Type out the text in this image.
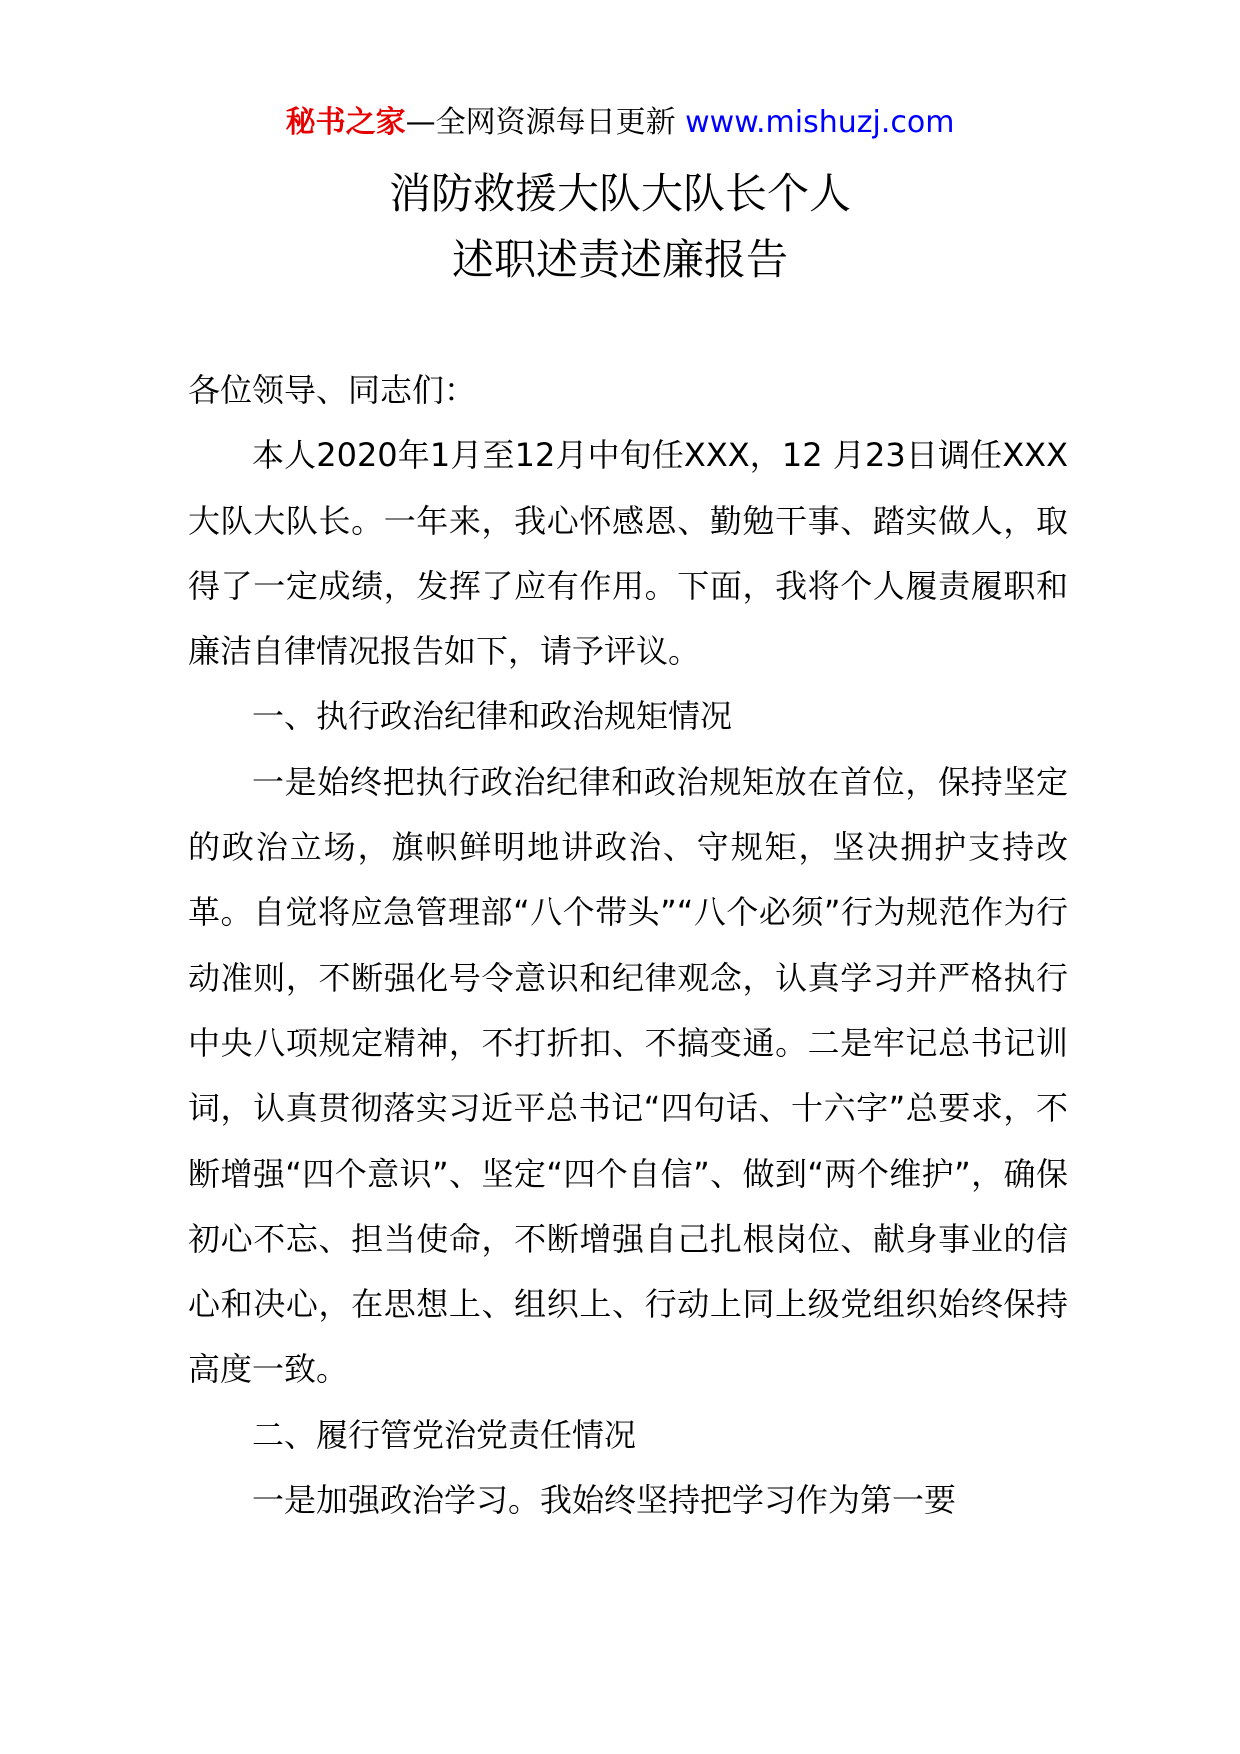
秘书之家—全网资源每日更新 www.mishuzj.com
消防救援大队大队长个人
述职述责述廉报告

各位领导、同志们：

本人2020年1月至12月中旬任XXX，12 月23日调任XXX大队大队长。一年来，我心怀感恩、勤勉干事、踏实做人，取得了一定成绩，发挥了应有作用。下面，我将个人履责履职和廉洁自律情况报告如下，请予评议。

一、执行政治纪律和政治规矩情况

一是始终把执行政治纪律和政治规矩放在首位，保持坚定的政治立场，旗帜鲜明地讲政治、守规矩，坚决拥护支持改革。自觉将应急管理部“八个带头”“八个必须”行为规范作为行动准则，不断强化号令意识和纪律观念，认真学习并严格执行中央八项规定精神，不打折扣、不搞变通。二是牢记总书记训词，认真贯彻落实习近平总书记“四句话、十六字”总要求，不断增强“四个意识”、坚定“四个自信”、做到“两个维护”，确保初心不忘、担当使命，不断增强自己扎根岗位、献身事业的信心和决心，在思想上、组织上、行动上同上级党组织始终保持高度一致。

二、履行管党治党责任情况

一是加强政治学习。我始终坚持把学习作为第一要
